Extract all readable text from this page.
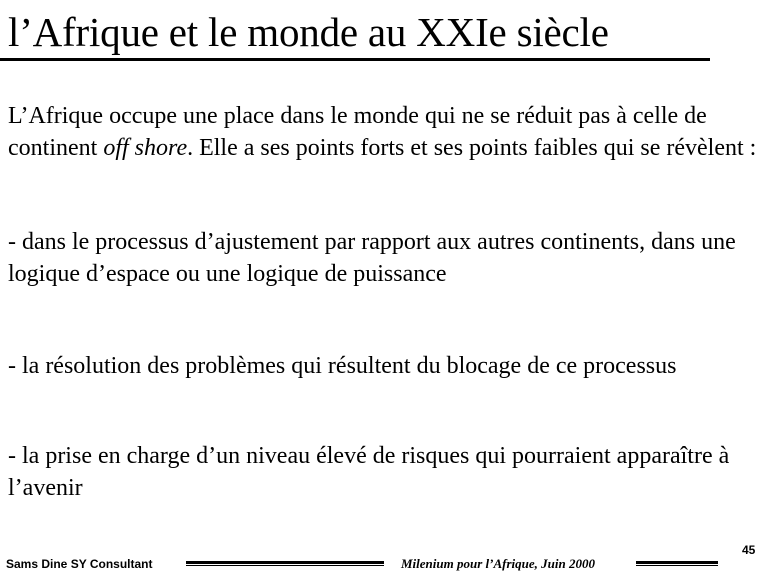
l’Afrique et le monde au XXIe siècle
L’Afrique occupe une place dans le monde qui ne se réduit pas à celle de continent off shore. Elle a ses points forts et ses points faibles qui se révèlent :
- dans le processus d’ajustement par rapport aux autres continents, dans une logique d’espace ou une logique de puissance
- la résolution des problèmes qui résultent du blocage de ce processus
- la prise en charge d’un niveau élevé de risques qui pourraient apparaître à l’avenir
Sams Dine SY Consultant	Milenium pour l’Afrique, Juin 2000
45
